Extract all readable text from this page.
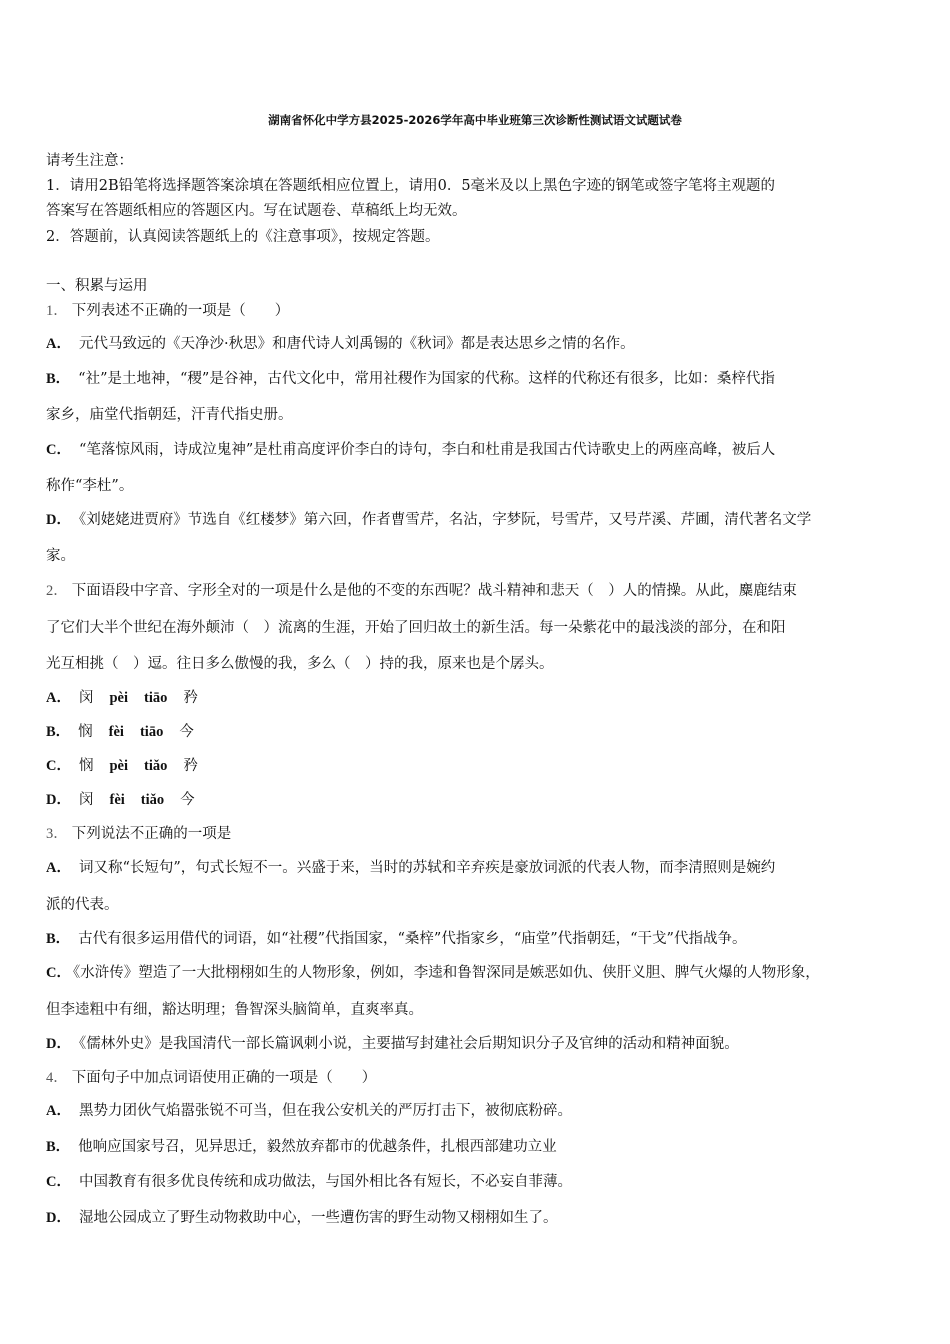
湖南省怀化中学方县2025-2026学年高中毕业班第三次诊断性测试语文试题试卷
请考生注意：
1．请用2B铅笔将选择题答案涂填在答题纸相应位置上，请用0．5毫米及以上黑色字迹的钢笔或签字笔将主观题的
答案写在答题纸相应的答题区内。写在试题卷、草稿纸上均无效。
2．答题前，认真阅读答题纸上的《注意事项》，按规定答题。
一、积累与运用
1． 下列表述不正确的一项是（　　）
A． 元代马致远的《天净沙·秋思》和唐代诗人刘禹锡的《秋词》都是表达思乡之情的名作。
B． “社”是土地神，“稷”是谷神，古代文化中，常用社稷作为国家的代称。这样的代称还有很多，比如：桑梓代指
家乡，庙堂代指朝廷，汗青代指史册。
C． “笔落惊风雨，诗成泣鬼神”是杜甫高度评价李白的诗句，李白和杜甫是我国古代诗歌史上的两座高峰，被后人
称作“李杜”。
D． 《刘姥姥进贾府》节选自《红楼梦》第六回，作者曹雪芹，名沾，字梦阮，号雪芹，又号芹溪、芹圃，清代著名文学
家。
2． 下面语段中字音、字形全对的一项是什么是他的不变的东西呢？战斗精神和悲天（　）人的情操。从此，麋鹿结束
了它们大半个世纪在海外颠沛（　）流离的生涯，开始了回归故土的新生活。每一朵紫花中的最浅淡的部分，在和阳
光互相挑（　）逗。往日多么傲慢的我，多么（　）持的我，原来也是个孱头。
A． 闵 pèi tiāo 矜
B． 悯 fèi tiāo 今
C． 悯 pèi tiǎo 矜
D． 闵 fèi tiǎo 今
3． 下列说法不正确的一项是
A． 词又称“长短句”，句式长短不一。兴盛于来，当时的苏轼和辛弃疾是豪放词派的代表人物，而李清照则是婉约
派的代表。
B． 古代有很多运用借代的词语，如“社稷”代指国家，“桑梓”代指家乡，“庙堂”代指朝廷，“干戈”代指战争。
C． 《水浒传》塑造了一大批栩栩如生的人物形象，例如，李逵和鲁智深同是嫉恶如仇、侠肝义胆、脾气火爆的人物形象，
但李逵粗中有细，豁达明理；鲁智深头脑简单，直爽率真。
D． 《儒林外史》是我国清代一部长篇讽刺小说，主要描写封建社会后期知识分子及官绅的活动和精神面貌。
4． 下面句子中加点词语使用正确的一项是（　　）
A． 黑势力团伙气焰嚣张锐不可当，但在我公安机关的严厉打击下，被彻底粉碎。
B． 他响应国家号召，见异思迁，毅然放弃都市的优越条件，扎根西部建功立业
C． 中国教育有很多优良传统和成功做法，与国外相比各有短长，不必妄自菲薄。
D． 湿地公园成立了野生动物救助中心，一些遭伤害的野生动物又栩栩如生了。
